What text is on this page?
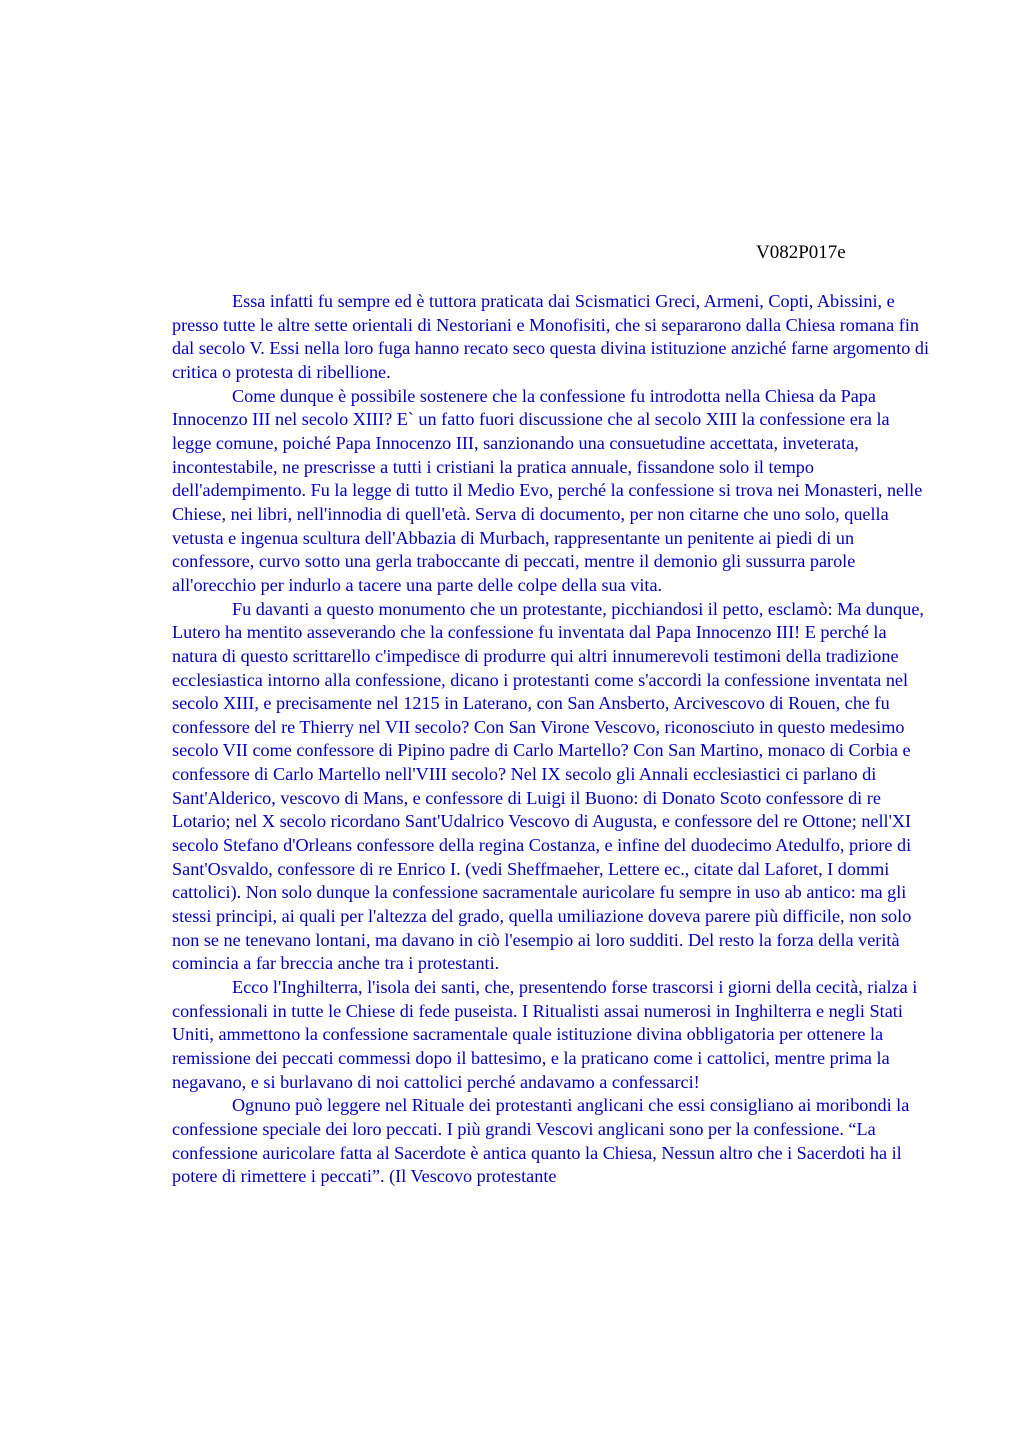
V082P017e

Essa infatti fu sempre ed è tuttora praticata dai Scismatici Greci, Armeni, Copti, Abissini, e presso tutte le altre sette orientali di Nestoriani e Monofisiti, che si separarono dalla Chiesa romana fin dal secolo V. Essi nella loro fuga hanno recato seco questa divina istituzione anziché farne argomento di critica o protesta di ribellione.

Come dunque è possibile sostenere che la confessione fu introdotta nella Chiesa da Papa Innocenzo III nel secolo XIII? E` un fatto fuori discussione che al secolo XIII la confessione era la legge comune, poiché Papa Innocenzo III, sanzionando una consuetudine accettata, inveterata, incontestabile, ne prescrisse a tutti i cristiani la pratica annuale, fissandone solo il tempo dell'adempimento. Fu la legge di tutto il Medio Evo, perché la confessione si trova nei Monasteri, nelle Chiese, nei libri, nell'innodia di quell'età. Serva di documento, per non citarne che uno solo, quella vetusta e ingenua scultura dell'Abbazia di Murbach, rappresentante un penitente ai piedi di un confessore, curvo sotto una gerla traboccante di peccati, mentre il demonio gli sussurra parole all'orecchio per indurlo a tacere una parte delle colpe della sua vita.

Fu davanti a questo monumento che un protestante, picchiandosi il petto, esclamò: Ma dunque, Lutero ha mentito asseverando che la confessione fu inventata dal Papa Innocenzo III! E perché la natura di questo scrittarello c'impedisce di produrre qui altri innumerevoli testimoni della tradizione ecclesiastica intorno alla confessione, dicano i protestanti come s'accordi la confessione inventata nel secolo XIII, e precisamente nel 1215 in Laterano, con San Ansberto, Arcivescovo di Rouen, che fu confessore del re Thierry nel VII secolo? Con San Virone Vescovo, riconosciuto in questo medesimo secolo VII come confessore di Pipino padre di Carlo Martello? Con San Martino, monaco di Corbia e confessore di Carlo Martello nell'VIII secolo? Nel IX secolo gli Annali ecclesiastici ci parlano di Sant'Alderico, vescovo di Mans, e confessore di Luigi il Buono: di Donato Scoto confessore di re Lotario; nel X secolo ricordano Sant'Udalrico Vescovo di Augusta, e confessore del re Ottone; nell'XI secolo Stefano d'Orleans confessore della regina Costanza, e infine del duodecimo Atedulfo, priore di Sant'Osvaldo, confessore di re Enrico I. (vedi Sheffmaeher, Lettere ec., citate dal Laforet, I dommi cattolici). Non solo dunque la confessione sacramentale auricolare fu sempre in uso ab antico: ma gli stessi principi, ai quali per l'altezza del grado, quella umiliazione doveva parere più difficile, non solo non se ne tenevano lontani, ma davano in ciò l'esempio ai loro sudditi. Del resto la forza della verità comincia a far breccia anche tra i protestanti.

Ecco l'Inghilterra, l'isola dei santi, che, presentendo forse trascorsi i giorni della cecità, rialza i confessionali in tutte le Chiese di fede puseista. I Ritualisti assai numerosi in Inghilterra e negli Stati Uniti, ammettono la confessione sacramentale quale istituzione divina obbligatoria per ottenere la remissione dei peccati commessi dopo il battesimo, e la praticano come i cattolici, mentre prima la negavano, e si burlavano di noi cattolici perché andavamo a confessarci!

Ognuno può leggere nel Rituale dei protestanti anglicani che essi consigliano ai moribondi la confessione speciale dei loro peccati. I più grandi Vescovi anglicani sono per la confessione. “La confessione auricolare fatta al Sacerdote è antica quanto la Chiesa, Nessun altro che i Sacerdoti ha il potere di rimettere i peccati”. (Il Vescovo protestante
